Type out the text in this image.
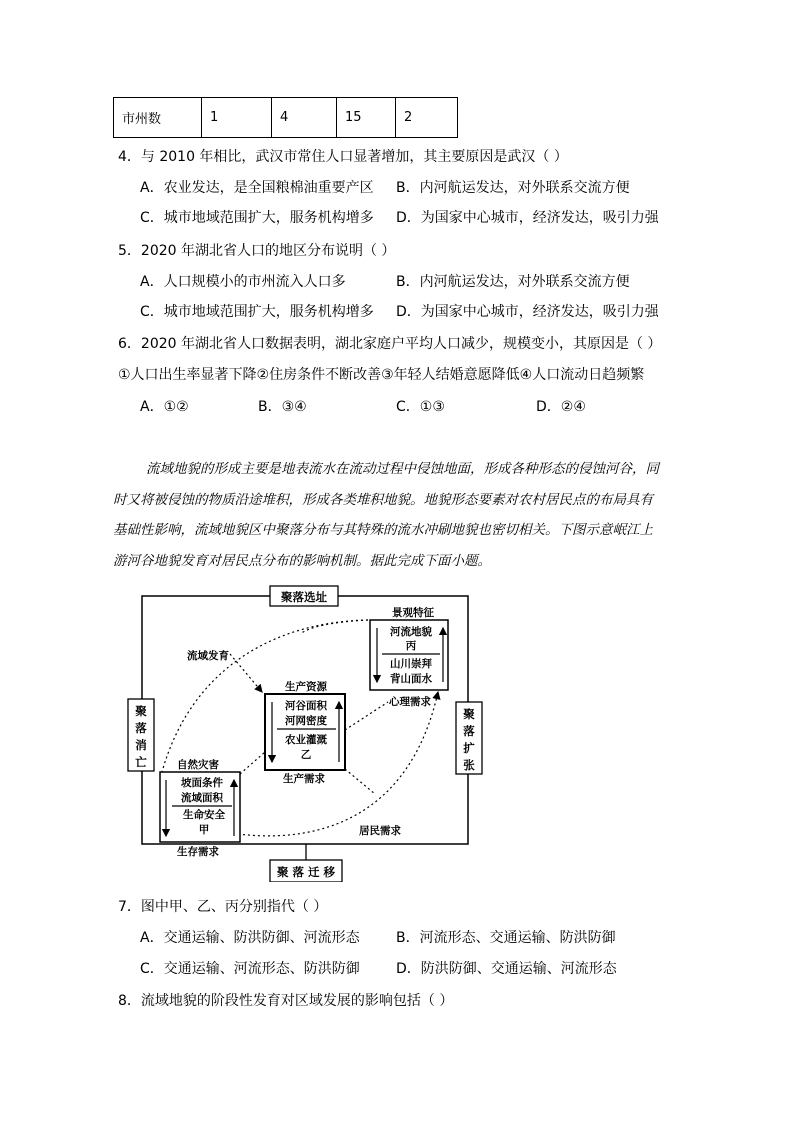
市州数	1	4	15	2
4．与 2010 年相比，武汉市常住人口显著增加，其主要原因是武汉（ ）
A．农业发达，是全国粮棉油重要产区 B．内河航运发达，对外联系交流方便
C．城市地域范围扩大，服务机构增多 D．为国家中心城市，经济发达，吸引力强
5．2020 年湖北省人口的地区分布说明（ ）
A．人口规模小的市州流入人口多	B．内河航运发达，对外联系交流方便
C．城市地域范围扩大，服务机构增多 D．为国家中心城市，经济发达，吸引力强
6．2020 年湖北省人口数据表明，湖北家庭户平均人口减少，规模变小，其原因是（ ）
①人口出生率显著下降②住房条件不断改善③年轻人结婚意愿降低④人口流动日趋频繁
A．①②	B．③④	C．①③	D．②④
流域地貌的形成主要是地表流水在流动过程中侵蚀地面，形成各种形态的侵蚀河谷，同
时又将被侵蚀的物质沿途堆积，形成各类堆积地貌。地貌形态要素对农村居民点的布局具有
基础性影响，流域地貌区中聚落分布与其特殊的流水冲刷地貌也密切相关。下图示意岷江上
游河谷地貌发育对居民点分布的影响机制。据此完成下面小题。
聚落选址
聚 落 迁 移
聚
落
消
亡
聚
落
扩
张
流域发育
居民需求
景观特征
河流地貌
丙
山川崇拜
背山面水
心理需求
生产资源
河谷面积
河网密度
农业灌溉
乙
生产需求
自然灾害
坡面条件
流域面积
生命安全
甲
生存需求
7．图中甲、乙、丙分别指代（ ）
A．交通运输、防洪防御、河流形态	B．河流形态、交通运输、防洪防御
C．交通运输、河流形态、防洪防御	D．防洪防御、交通运输、河流形态
8．流域地貌的阶段性发育对区域发展的影响包括（ ）
